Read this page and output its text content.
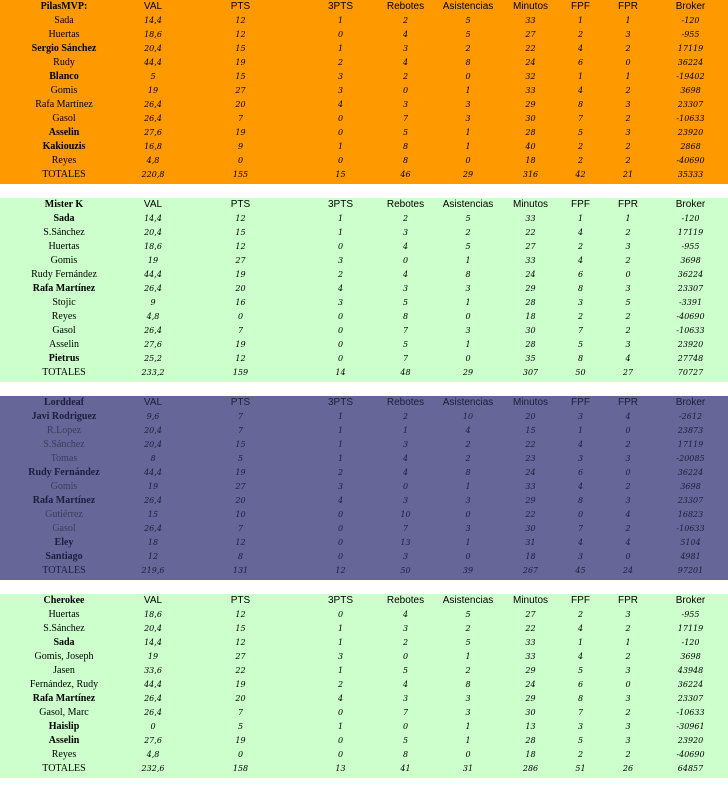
PilasMVP:	VAL	PTS	3PTS	Rebotes	Asistencias	Minutos	FPF	FPR	Broker
Sada	14,4	12	1	2	5	33	1	1	-120
Huertas	18,6	12	0	4	5	27	2	3	-955
Sergio Sánchez	20,4	15	1	3	2	22	4	2	17119
Rudy	44,4	19	2	4	8	24	6	0	36224
Blanco	5	15	3	2	0	32	1	1	-19402
Gomis	19	27	3	0	1	33	4	2	3698
Rafa Martínez	26,4	20	4	3	3	29	8	3	23307
Gasol	26,4	7	0	7	3	30	7	2	-10633
Asselin	27,6	19	0	5	1	28	5	3	23920
Kakiouzis	16,8	9	1	8	1	40	2	2	2868
Reyes	4,8	0	0	8	0	18	2	2	-40690
TOTALES	220,8	155	15	46	29	316	42	21	35333
Mister K	VAL	PTS	3PTS	Rebotes	Asistencias	Minutos	FPF	FPR	Broker
Sada	14,4	12	1	2	5	33	1	1	-120
S.Sánchez	20,4	15	1	3	2	22	4	2	17119
Huertas	18,6	12	0	4	5	27	2	3	-955
Gomis	19	27	3	0	1	33	4	2	3698
Rudy Fernández	44,4	19	2	4	8	24	6	0	36224
Rafa Martínez	26,4	20	4	3	3	29	8	3	23307
Stojic	9	16	3	5	1	28	3	5	-3391
Reyes	4,8	0	0	8	0	18	2	2	-40690
Gasol	26,4	7	0	7	3	30	7	2	-10633
Asselin	27,6	19	0	5	1	28	5	3	23920
Pietrus	25,2	12	0	7	0	35	8	4	27748
TOTALES	233,2	159	14	48	29	307	50	27	70727
Lorddeaf	VAL	PTS	3PTS	Rebotes	Asistencias	Minutos	FPF	FPR	Broker
Javi Rodriguez	9,6	7	1	2	10	20	3	4	-2612
R.Lopez	20,4	7	1	1	4	15	1	0	23873
S.Sánchez	20,4	15	1	3	2	22	4	2	17119
Tomas	8	5	1	4	2	23	3	3	-20085
Rudy Fernández	44,4	19	2	4	8	24	6	0	36224
Gomis	19	27	3	0	1	33	4	2	3698
Rafa Martínez	26,4	20	4	3	3	29	8	3	23307
Gutiérrez	15	10	0	10	0	22	0	4	16823
Gasol	26,4	7	0	7	3	30	7	2	-10633
Eley	18	12	0	13	1	31	4	4	5104
Santiago	12	8	0	3	0	18	3	0	4981
TOTALES	219,6	131	12	50	39	267	45	24	97201
Cherokee	VAL	PTS	3PTS	Rebotes	Asistencias	Minutos	FPF	FPR	Broker
Huertas	18,6	12	0	4	5	27	2	3	-955
S.Sánchez	20,4	15	1	3	2	22	4	2	17119
Sada	14,4	12	1	2	5	33	1	1	-120
Gomis, Joseph	19	27	3	0	1	33	4	2	3698
Jasen	33,6	22	1	5	2	29	5	3	43948
Fernández, Rudy	44,4	19	2	4	8	24	6	0	36224
Rafa Martínez	26,4	20	4	3	3	29	8	3	23307
Gasol, Marc	26,4	7	0	7	3	30	7	2	-10633
Haislip	0	5	1	0	1	13	3	3	-30961
Asselin	27,6	19	0	5	1	28	5	3	23920
Reyes	4,8	0	0	8	0	18	2	2	-40690
TOTALES	232,6	158	13	41	31	286	51	26	64857
